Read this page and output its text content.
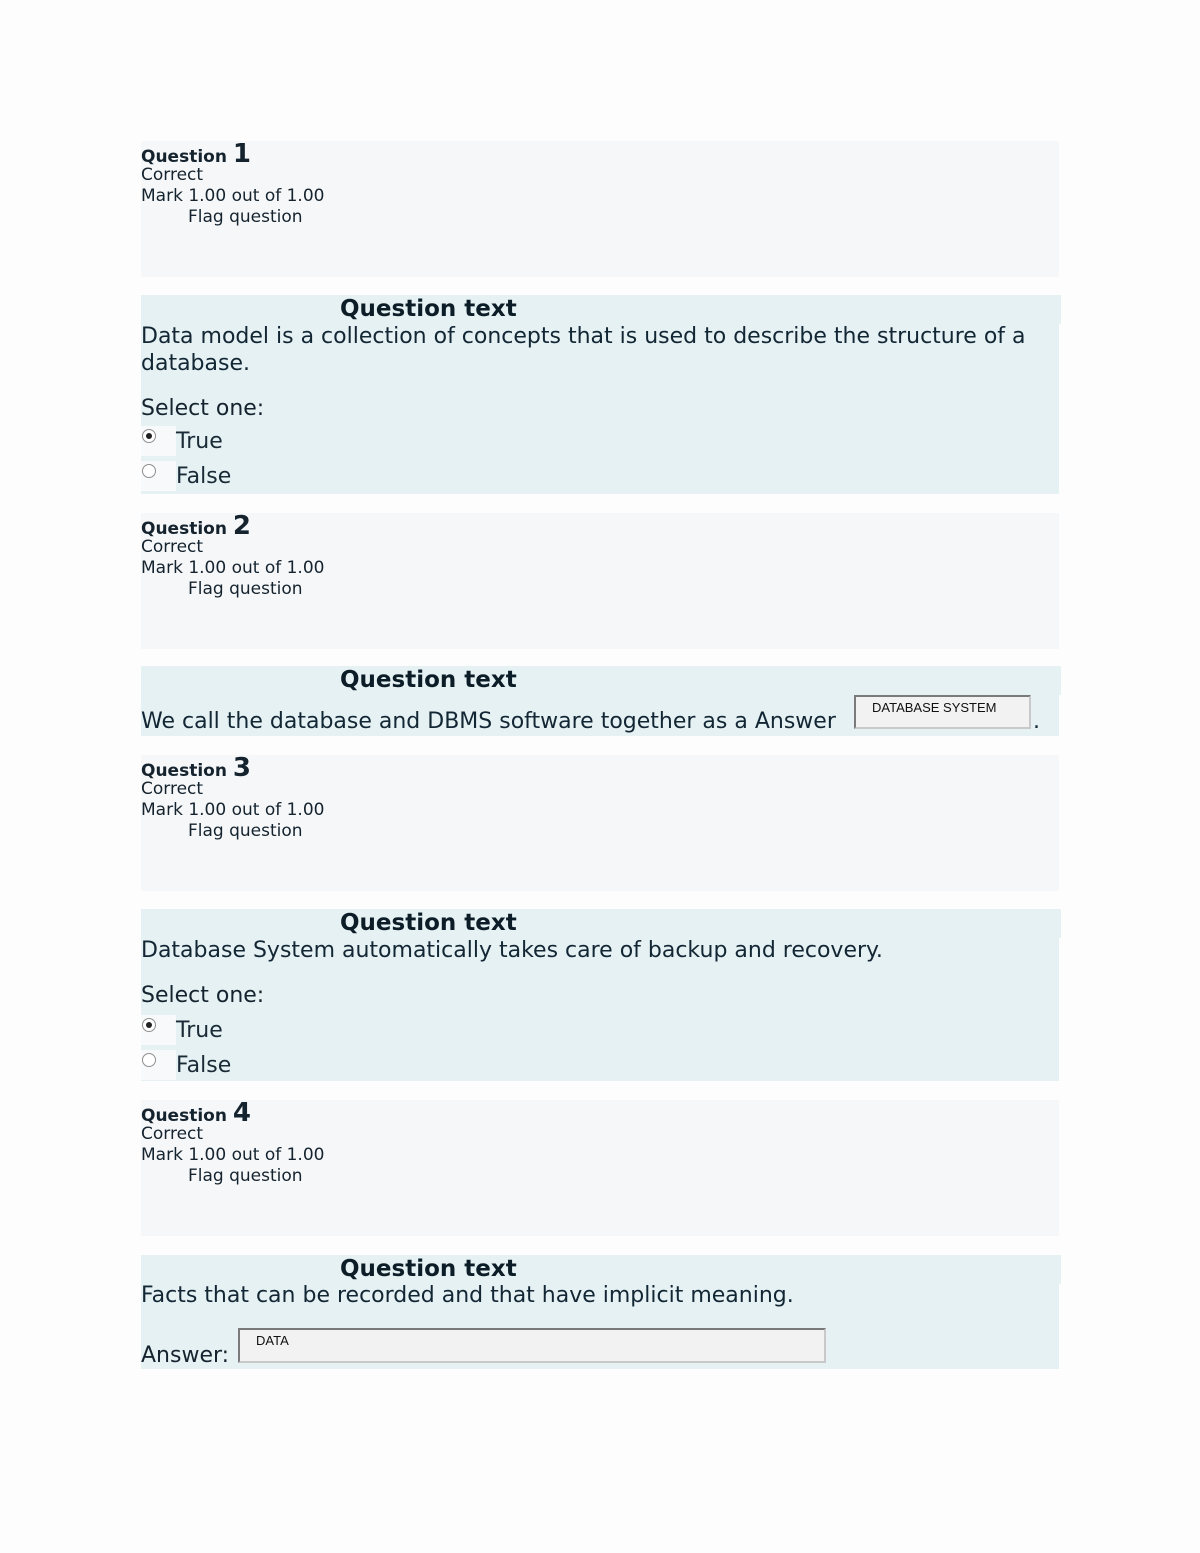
Question 1
Correct
Mark 1.00 out of 1.00
Flag question
Question text
Data model is a collection of concepts that is used to describe the structure of a database.
Select one:
True
False
Question 2
Correct
Mark 1.00 out of 1.00
Flag question
Question text
We call the database and DBMS software together as a Answer
DATABASE SYSTEM
.
Question 3
Correct
Mark 1.00 out of 1.00
Flag question
Question text
Database System automatically takes care of backup and recovery.
Select one:
True
False
Question 4
Correct
Mark 1.00 out of 1.00
Flag question
Question text
Facts that can be recorded and that have implicit meaning.
Answer:
DATA
